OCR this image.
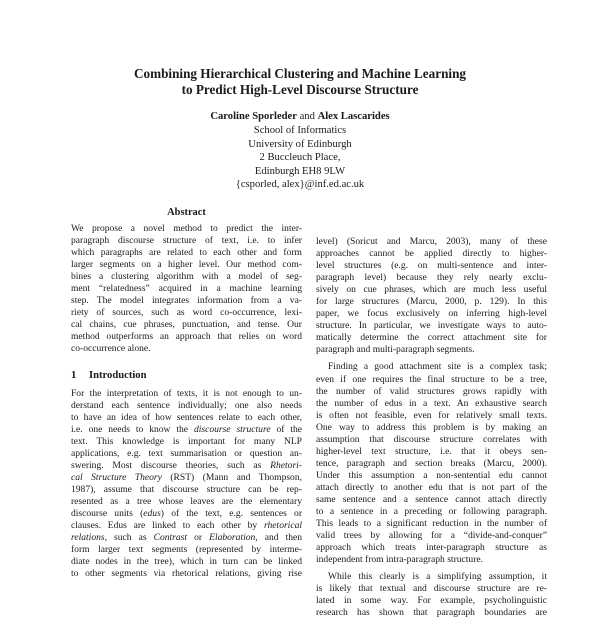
Combining Hierarchical Clustering and Machine Learning
to Predict High-Level Discourse Structure
Caroline Sporleder and Alex Lascarides
School of Informatics
University of Edinburgh
2 Buccleuch Place,
Edinburgh EH8 9LW
{csporled, alex}@inf.ed.ac.uk
Abstract
We propose a novel method to predict the inter-
paragraph discourse structure of text, i.e. to infer
which paragraphs are related to each other and form
larger segments on a higher level. Our method com-
bines a clustering algorithm with a model of seg-
ment “relatedness” acquired in a machine learning
step. The model integrates information from a va-
riety of sources, such as word co-occurrence, lexi-
cal chains, cue phrases, punctuation, and tense. Our
method outperforms an approach that relies on word
co-occurrence alone.
1 Introduction
For the interpretation of texts, it is not enough to un-
derstand each sentence individually; one also needs
to have an idea of how sentences relate to each other,
i.e. one needs to know the discourse structure of the
text. This knowledge is important for many NLP
applications, e.g. text summarisation or question an-
swering. Most discourse theories, such as Rhetori-
cal Structure Theory (RST) (Mann and Thompson,
1987), assume that discourse structure can be rep-
resented as a tree whose leaves are the elementary
discourse units (edus) of the text, e.g. sentences or
clauses. Edus are linked to each other by rhetorical
relations, such as Contrast or Elaboration, and then
form larger text segments (represented by interme-
diate nodes in the tree), which in turn can be linked
to other segments via rhetorical relations, giving rise
level) (Soricut and Marcu, 2003), many of these
approaches cannot be applied directly to higher-
level structures (e.g. on multi-sentence and inter-
paragraph level) because they rely nearly exclu-
sively on cue phrases, which are much less useful
for large structures (Marcu, 2000, p. 129). In this
paper, we focus exclusively on inferring high-level
structure. In particular, we investigate ways to auto-
matically determine the correct attachment site for
paragraph and multi-paragraph segments.
Finding a good attachment site is a complex task;
even if one requires the final structure to be a tree,
the number of valid structures grows rapidly with
the number of edus in a text. An exhaustive search
is often not feasible, even for relatively small texts.
One way to address this problem is by making an
assumption that discourse structure correlates with
higher-level text structure, i.e. that it obeys sen-
tence, paragraph and section breaks (Marcu, 2000).
Under this assumption a non-sentential edu cannot
attach directly to another edu that is not part of the
same sentence and a sentence cannot attach directly
to a sentence in a preceding or following paragraph.
This leads to a significant reduction in the number of
valid trees by allowing for a “divide-and-conquer”
approach which treats inter-paragraph structure as
independent from intra-paragraph structure.
While this clearly is a simplifying assumption, it
is likely that textual and discourse structure are re-
lated in some way. For example, psycholinguistic
research has shown that paragraph boundaries are
